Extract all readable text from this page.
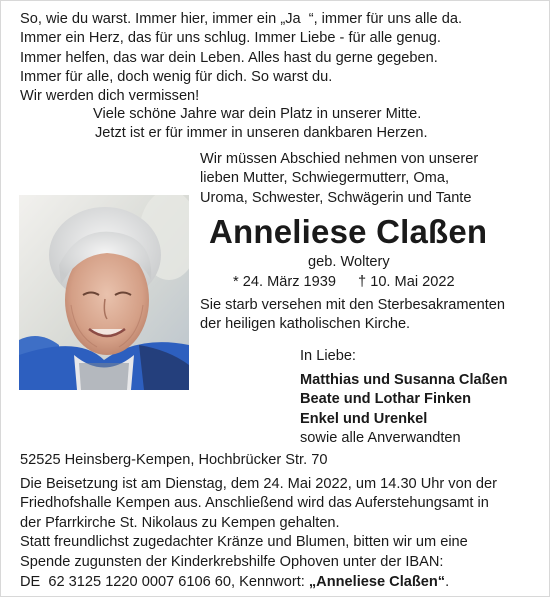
So, wie du warst. Immer hier, immer ein „Ja  “, immer für uns alle da.
Immer ein Herz, das für uns schlug. Immer Liebe - für alle genug.
Immer helfen, das war dein Leben. Alles hast du gerne gegeben.
Immer für alle, doch wenig für dich. So warst du.
Wir werden dich vermissen!
Viele schöne Jahre war dein Platz in unserer Mitte.
Jetzt ist er für immer in unseren dankbaren Herzen.
Wir müssen Abschied nehmen von unserer
lieben Mutter, Schwiegermutterr, Oma,
Uroma, Schwester, Schwägerin und Tante
Anneliese Claßen
geb. Woltery
* 24. März 1939 † 10. Mai 2022
Sie starb versehen mit den Sterbesakramenten
der heiligen katholischen Kirche.
In Liebe:
Matthias und Susanna Claßen
Beate und Lothar Finken
Enkel und Urenkel
sowie alle Anverwandten
52525 Heinsberg-Kempen, Hochbrücker Str. 70
Die Beisetzung ist am Dienstag, dem 24. Mai 2022, um 14.30 Uhr von der
Friedhofshalle Kempen aus. Anschließend wird das Auferstehungsamt in
der Pfarrkirche St. Nikolaus zu Kempen gehalten.
Statt freundlichst zugedachter Kränze und Blumen, bitten wir um eine
Spende zugunsten der Kinderkrebshilfe Ophoven unter der IBAN:
DE  62 3125 1220 0007 6106 60, Kennwort: „Anneliese Claßen“.
